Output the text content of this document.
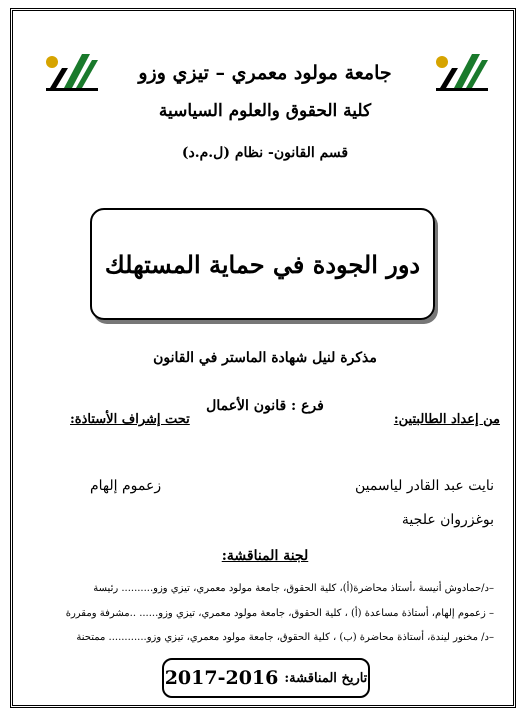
جامعة مولود معمري – تيزي وزو
كلية الحقوق والعلوم السياسية
قسم القانون- نظام (ل.م.د)
دور الجودة في حماية المستهلك
مذكرة لنيل شهادة الماستر في القانون
فرع : قانون الأعمال
من إعداد الطالبتين:
تحت إشراف الأستاذة:
نايت عبد القادر لياسمين
بوغزروان علجية
زعموم إلهام
لجنة المناقشة:
–د/حمادوش أنيسة ،أستاذ محاضرة(أ)، كلية الحقوق، جامعة مولود معمري، تيزي وزو.......... رئيسة
– زعموم إلهام، أستاذة مساعدة (أ) ، كلية الحقوق، جامعة مولود معمري، تيزي وزو...... ..مشرفة ومقررة
–د/ مخنور ليندة، أستاذة محاضرة (ب) ، كلية الحقوق، جامعة مولود معمري، تيزي وزو............ ممتحنة
تاريخ المناقشة:
2017-2016
